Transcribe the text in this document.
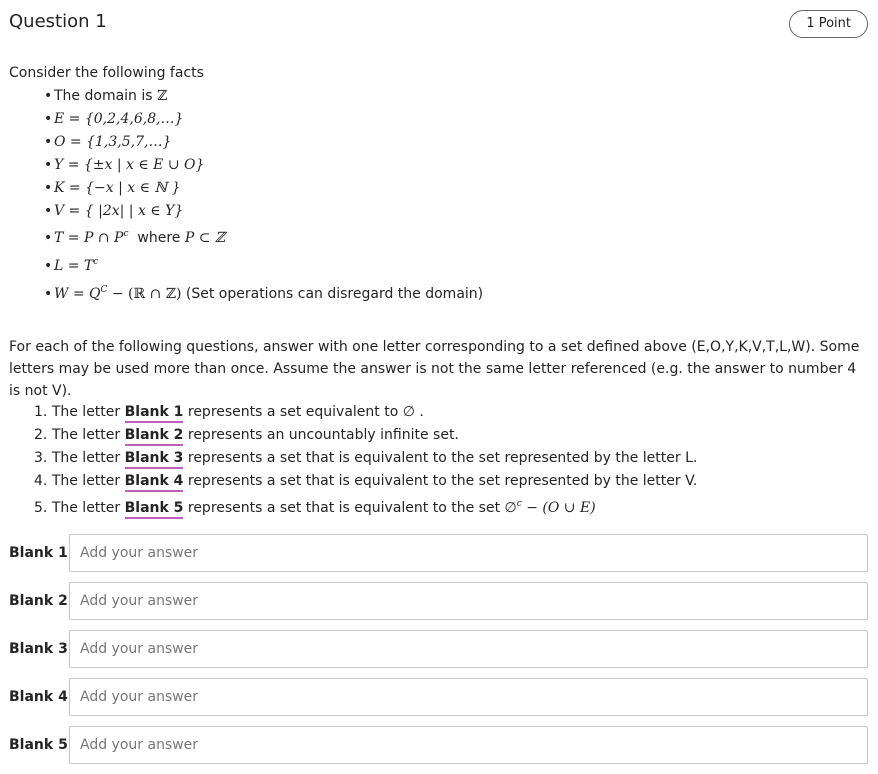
Question 1	1 Point
Consider the following facts
• The domain is ℤ
• E = {0,2,4,6,8,…}
• O = {1,3,5,7,…}
• Y = {±x | x ∈ E ∪ O}
• K = {−x | x ∈ ℕ }
• V = { |2x| | x ∈ Y}
• T = P ∩ $P^c$ where P ⊂ ℤ
• $L = T^c$
• $W = Q^C$ − (ℝ ∩ ℤ) (Set operations can disregard the domain)
For each of the following questions, answer with one letter corresponding to a set defined above (E,O,Y,K,V,T,L,W). Some letters may be used more than once. Assume the answer is not the same letter referenced (e.g. the answer to number 4 is not V).
1. The letter Blank 1 represents a set equivalent to ∅ .
2. The letter Blank 2 represents an uncountably infinite set.
3. The letter Blank 3 represents a set that is equivalent to the set represented by the letter L.
4. The letter Blank 4 represents a set that is equivalent to the set represented by the letter V.
5. The letter Blank 5 represents a set that is equivalent to the set ∅$^c$ − (O ∪ E)
Blank 1
Add your answer
Blank 2
Add your answer
Blank 3
Add your answer
Blank 4
Add your answer
Blank 5
Add your answer
